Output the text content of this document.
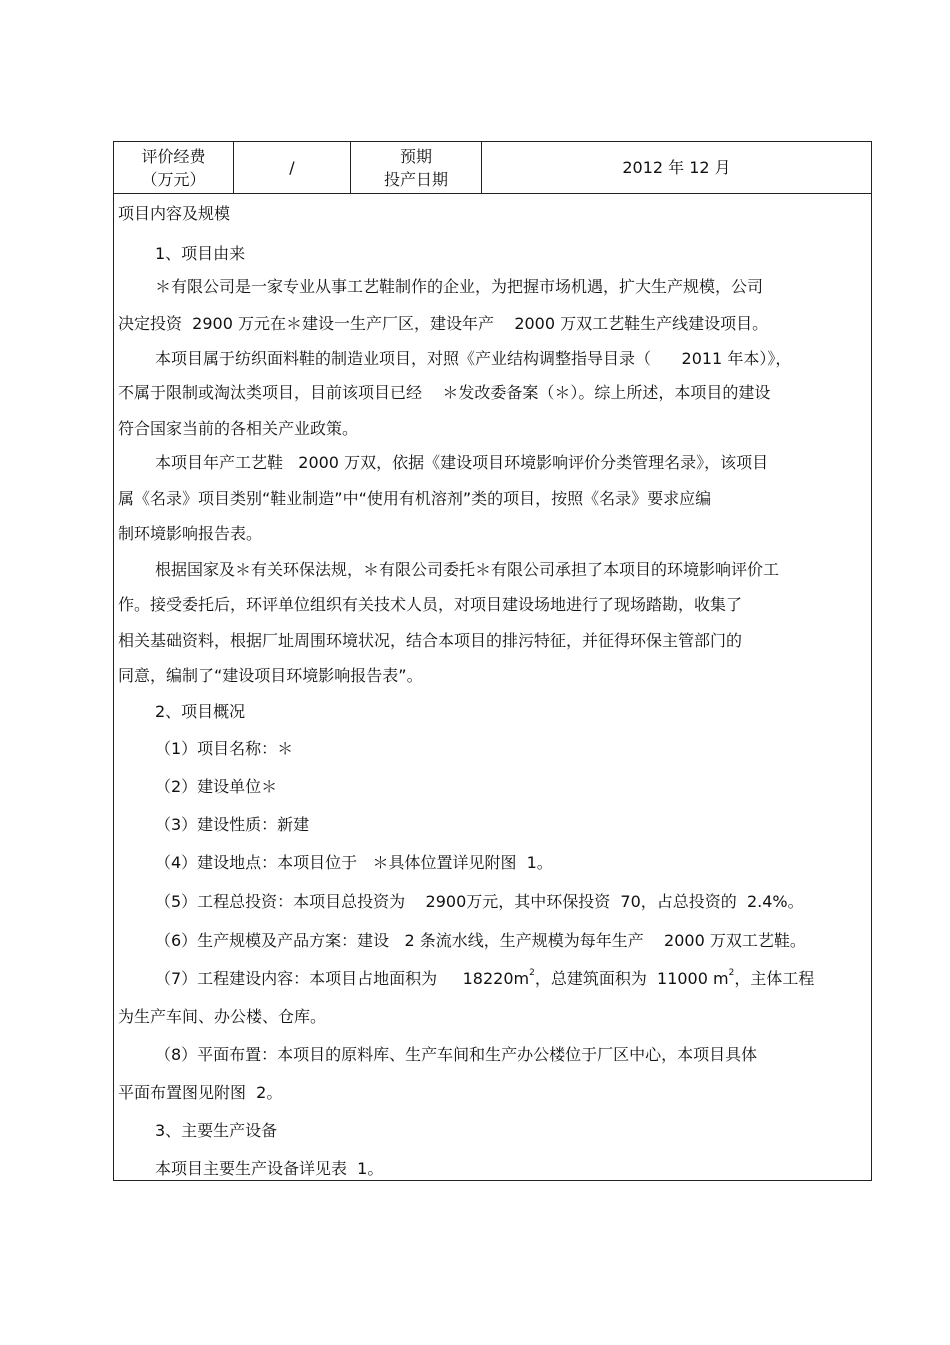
评价经费
（万元）
/
预期
投产日期
2012 年 12 月
项目内容及规模
1、项目由来
＊有限公司是一家专业从事工艺鞋制作的企业，为把握市场机遇，扩大生产规模，公司
决定投资  2900 万元在＊建设一生产厂区，建设年产    2000 万双工艺鞋生产线建设项目。
本项目属于纺织面料鞋的制造业项目，对照《产业结构调整指导目录（      2011 年本）》，
不属于限制或淘汰类项目，目前该项目已经    ＊发改委备案（＊）。综上所述，本项目的建设
符合国家当前的各相关产业政策。
本项目年产工艺鞋   2000 万双，依据《建设项目环境影响评价分类管理名录》，该项目
属《名录》项目类别“鞋业制造”中“使用有机溶剂”类的项目，按照《名录》要求应编
制环境影响报告表。
根据国家及＊有关环保法规，＊有限公司委托＊有限公司承担了本项目的环境影响评价工
作。接受委托后，环评单位组织有关技术人员，对项目建设场地进行了现场踏勘，收集了
相关基础资料，根据厂址周围环境状况，结合本项目的排污特征，并征得环保主管部门的
同意，编制了“建设项目环境影响报告表”。
2、项目概况
（1）项目名称：＊
（2）建设单位＊
（3）建设性质：新建
（4）建设地点：本项目位于   ＊具体位置详见附图  1。
（5）工程总投资：本项目总投资为    2900万元，其中环保投资  70，占总投资的  2.4%。
（6）生产规模及产品方案：建设   2 条流水线，生产规模为每年生产    2000 万双工艺鞋。
（7）工程建设内容：本项目占地面积为     $18220m^2$，总建筑面积为  11000 $m^2$，主体工程
为生产车间、办公楼、仓库。
（8）平面布置：本项目的原料库、生产车间和生产办公楼位于厂区中心，本项目具体
平面布置图见附图  2。
3、主要生产设备
本项目主要生产设备详见表  1。
